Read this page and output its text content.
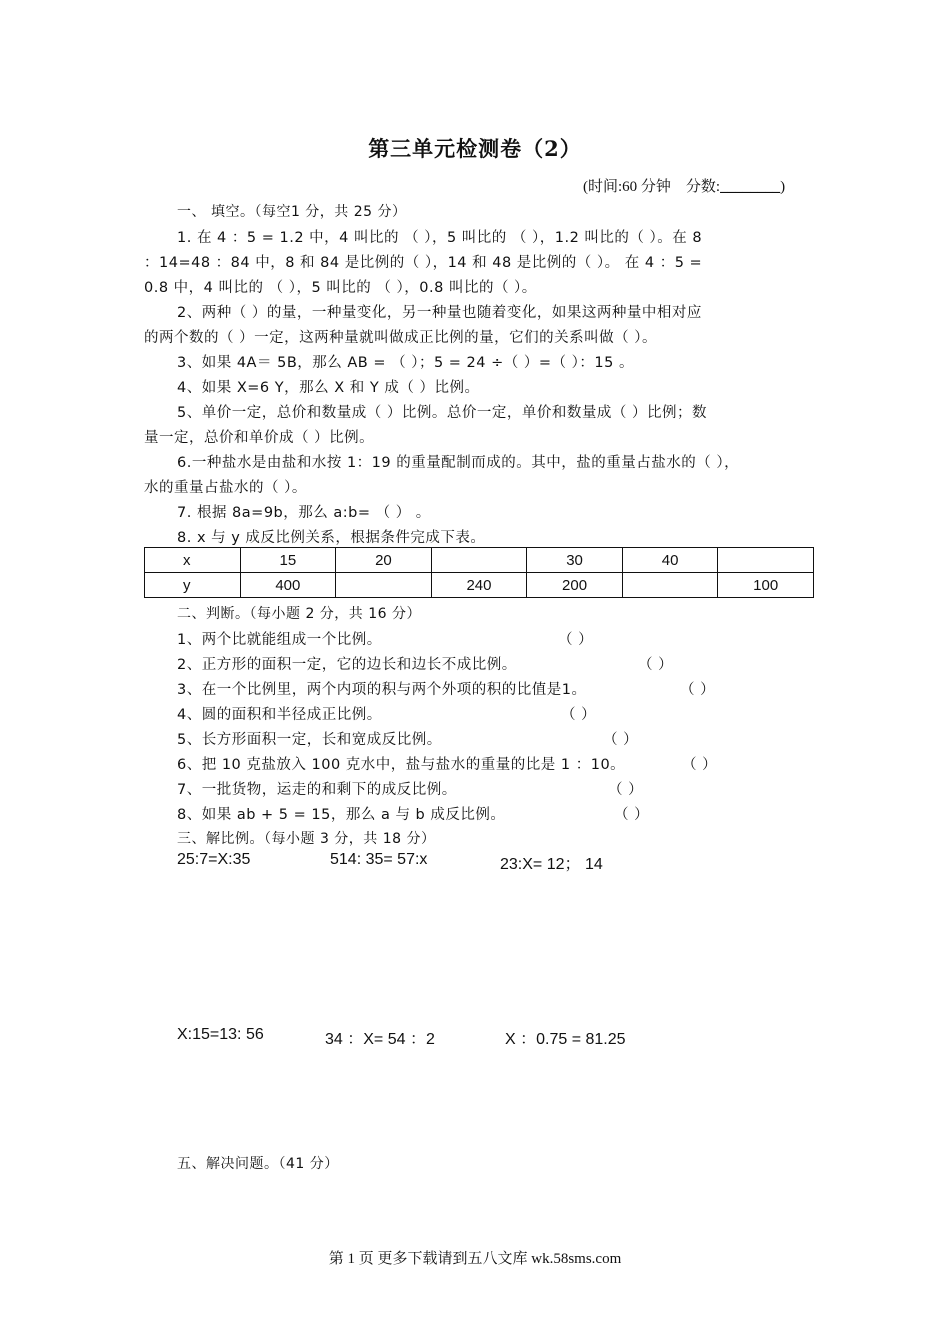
第三单元检测卷（2）
(时间:60 分钟 分数:________)
一、 填空。（每空1 分，共 25 分）
1. 在 4 ：5 = 1.2 中，4 叫比的 （ ），5 叫比的 （ ），1.2 叫比的（ ）。在 8
：14=48 ：84 中，8 和 84 是比例的（ ），14 和 48 是比例的（ ）。 在 4 ：5 =
0.8 中，4 叫比的 （ ），5 叫比的 （ ），0.8 叫比的（ ）。
2、两种（ ）的量，一种量变化，另一种量也随着变化，如果这两种量中相对应
的两个数的（ ）一定，这两种量就叫做成正比例的量，它们的关系叫做（ ）。
3、如果 4A＝ 5B，那么 AB = （ ）；5 = 24 ÷（ ）=（ ）：15 。
4、如果 X=6 Y，那么 X 和 Y 成（ ）比例。
5、单价一定，总价和数量成（ ）比例。总价一定，单价和数量成（ ）比例；数
量一定，总价和单价成（ ）比例。
6.一种盐水是由盐和水按 1：19 的重量配制而成的。其中，盐的重量占盐水的（ ），
水的重量占盐水的（ ）。
7. 根据 8a=9b，那么 a:b= （ ） 。
8. x 与 y 成反比例关系，根据条件完成下表。
x	15	20		30	40	
y	400		240	200		100
二、判断。（每小题 2 分，共 16 分）
1、两个比就能组成一个比例。	（ ）
2、正方形的面积一定，它的边长和边长不成比例。	（ ）
3、在一个比例里，两个内项的积与两个外项的积的比值是1。	（ ）
4、圆的面积和半径成正比例。	（ ）
5、长方形面积一定，长和宽成反比例。	（ ）
6、把 10 克盐放入 100 克水中，盐与盐水的重量的比是 1 ：10。	（ ）
7、一批货物，运走的和剩下的成反比例。	（ ）
8、如果 ab + 5 = 15，那么 a 与 b 成反比例。	（ ）
三、解比例。（每小题 3 分，共 18 分）
25:7=X:35	514: 35= 57:x	23:X= 12； 14
X:15=13: 56	34 ：X= 54 ：2	X ：0.75 = 81.25
五、解决问题。（41 分）
第 1 页 更多下载请到五八文库 wk.58sms.com
